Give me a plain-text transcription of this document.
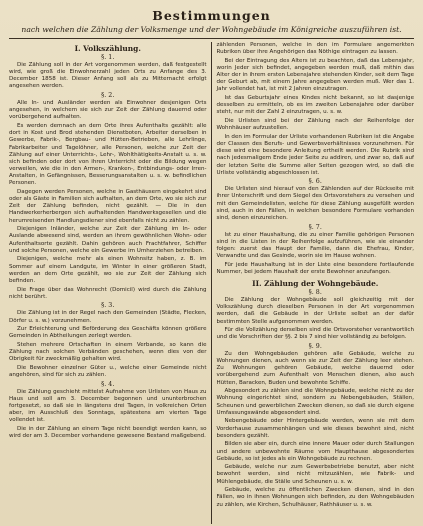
Bestimmungen
nach welchen die Zählung der Volksmenge und der Wohngebäude im Königreiche auszuführen ist.
I. Volkszählung.
§. 1.

Die Zählung soll in der Art vorgenommen werden, daß festgestellt wird, wie groß die Einwohnerzahl jeden Orts zu Anfange des 3. December 1858 ist. Dieser Anfang soll als zu Mitternacht erfolgt angesehen werden.

§. 2.

Alle In- und Ausländer werden als Einwohner desjenigen Orts angesehen, in welchem sie sich zur Zeit der Zählung dauernd oder vorübergehend aufhalten.

Es werden demnach an dem Orte ihres Aufenthalts gezählt: alle dort in Kost und Brod stehenden Dienstboten, Arbeiter derselben in Gewerbe, Fabrik-, Bergbau- und Hütten-Betrieben, alle Lehrlinge, Fabrikarbeiter und Tagelöhner, alle Personen, welche zur Zeit der Zählung auf einer Unterrichts-, Lehr-, Wohlthätigkeits-Anstalt u. s. w. sich befinden oder dort von ihren Unterricht oder die Bildung wegen verweilen, wie die in den Armen-, Kranken-, Entbindungs- oder Irren-Anstalten, in Gefängnissen, Besserungsanstalten u. s. w. befindlichen Personen.

Dagegen werden Personen, welche in Gasthäusern eingekehrt sind oder als Gäste in Familien sich aufhalten, an dem Orte, wo sie sich zur Zeit der Zählung befinden, nicht gezählt. — Die in den Handwerkerherbergen sich aufhaltenden Handwerksgesellen und die herumreisenden Handlungsdiener sind ebenfalls nicht zu zählen.

Diejenigen Inländer, welche zur Zeit der Zählung im In- oder Auslande abwesend sind, werden an ihrem gewöhnlichen Wohn- oder Aufenthaltsorte gezählt. Dahin gehören auch Frachtfahrer, Schiffer und solche Personen, welche ein Gewerbe im Umherziehen betreiben.

Diejenigen, welche mehr als einen Wohnsitz haben, z. B. im Sommer auf einem Landgute, im Winter in einer größeren Stadt, werden an dem Orte gezählt, wo sie zur Zeit der Zählung sich befinden.

Die Frage über das Wohnrecht (Domicil) wird durch die Zählung nicht berührt.

§. 3.

Die Zählung ist in der Regel nach den Gemeinden (Städte, Flecken, Dörfer u. s. w.) vorzunehmen.

Zur Erleichterung und Beförderung des Geschäfts können größere Gemeinden in Abtheilungen zerlegt werden.

Stehen mehrere Ortschaften in einem Verbande, so kann die Zählung nach solchen Verbänden geschehen, wenn dies von der Obrigkeit für zweckmäßig gehalten wird.

Die Bewohner einzelner Güter u., welche einer Gemeinde nicht angehören, sind für sich zu zählen.

§. 4.

Die Zählung geschieht mittelst Aufnahme von Urlisten von Haus zu Haus und soll am 3. December begonnen und ununterbrochen fortgesetzt, so daß sie in längstens drei Tagen, in volkreichen Orten aber, im Ausschluß des Sonntags, spätestens am vierten Tage vollendet ist.

Die in der Zählung an einem Tage nicht beendigt werden kann, so wird der am 3. December vorhandene gewesene Bestand maßgebend.

zählenden Personen, welche in den im Formulare angemerkten Rubriken über ihre Angehörigen das Nöthige eintragen zu lassen.

Bei der Eintragung des Alters ist zu beachten, daß das Lebensjahr, worin Jeder sich befindet, angegeben werden muß, daß mithin das Alter der in ihrem ersten Lebensjahre stehenden Kinder, seit dem Tage der Geburt ab, mit einem Jahre angegeben werden muß. Wer das 1. Jahr vollendet hat, ist mit 2 Jahren einzutragen.

Ist das Geburtsjahr eines Kindes nicht bekannt, so ist dasjenige desselben zu ermitteln, ob es im zweiten Lebensjahre oder darüber steht, nur mit der Zahl 2 einzutragen, u. s. w.

Die Urlisten sind bei der Zählung nach der Reihenfolge der Wohnhäuser aufzustellen.

In den im Formular der Urliste vorhandenen Rubriken ist die Angabe der Classen des Berufs- und Gewerbsverhältnisses vorzunehmen. Für diese wird eine besondere Anleitung ertheilt werden. Die Rubrik sind nach jedesmaligem Ende jeder Seite zu addiren, und zwar so, daß auf der letzten Seite die Summe aller Seiten gezogen wird, so daß die Urliste vollständig abgeschlossen ist.

§. 6.

Die Urlisten sind hierauf von den Zählenden auf der Rückseite mit ihrer Unterschrift und dem Siegel des Ortsvorstehers zu versehen und mit den Gemeindelisten, welche für diese Zählung ausgefüllt worden sind, auch in den Fällen, in welchen besondere Formulare vorhanden sind, denen einzureichen.

§. 7.

Ist zu einer Haushaltung, die zu einer Familie gehörigen Personen sind in die Listen in der Reihenfolge aufzuführen, wie sie einander folgen: zuerst das Haupt der Familie, dann die Ehefrau, Kinder, Verwandte und das Gesinde, worin sie im Hause wohnen.

Für jede Haushaltung ist in der Liste eine besondere fortlaufende Nummer, bei jedem Haushalt der erste Bewohner anzufangen.

II. Zählung der Wohngebäude.
§. 8.

Die Zählung der Wohngebäude soll gleichzeitig mit der Volkszählung durch dieselben Personen in der Art vorgenommen werden, daß die Gebäude in der Urliste selbst an der dafür bestimmten Stelle aufgenommen werden.

Für die Vollzählung derselben sind die Ortsvorsteher verantwortlich und die Vorschriften der §§. 2 bis 7 sind hier vollständig zu befolgen.

§. 9.

Zu den Wohngebäuden gehören alle Gebäude, welche zu Wohnungen dienen, auch wenn sie zur Zeit der Zählung leer stehen. Zu Wohnungen gehören Gebäude, welche dauernd oder vorübergehend zum Aufenthalt von Menschen dienen, also auch Hütten, Baracken, Buden und bewohnte Schiffe.

Abgesondert zu zählen sind die Wohngebäude, welche nicht zu der Wohnung eingerichtet sind, sondern zu Nebengebäuden, Ställen, Scheunen und gewerblichen Zwecken dienen, so daß sie durch eigene Umfassungswände abgesondert sind.

Nebengebäude oder Hintergebäude werden, wenn sie mit dem Vorderhause zusammenhängen und wie dieses bewohnt sind, nicht besonders gezählt.

Bilden sie aber ein, durch eine innere Mauer oder durch Stallungen und andere unbewohnte Räume vom Haupthause abgesondertes Gebäude, so ist jedes als ein Wohngebäude zu rechnen.

Gebäude, welche nur zum Gewerbsbetriebe benutzt, aber nicht bewohnt werden, sind nicht mitzuzählen, wie Fabrik- und Mühlengebäude, die Ställe und Scheunen u. s. w.

Gebäude, welche zu öffentlichen Zwecken dienen, sind in den Fällen, wo in ihnen Wohnungen sich befinden, zu den Wohngebäuden zu zählen, wie Kirchen, Schulhäuser, Rathhäuser u. s. w.
